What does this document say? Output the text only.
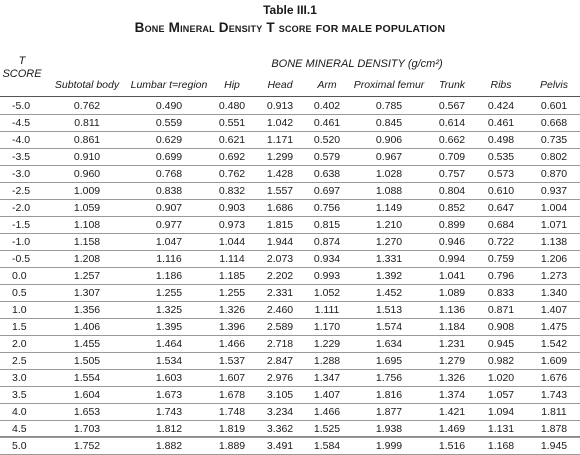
Table III.1
Bone Mineral Density T score FOR MALE POPULATION
T
SCORE
BONE MINERAL DENSITY (g/cm²)
Subtotal body	Lumbar t=region	Hip	Head	Arm	Proximal femur	Trunk	Ribs	Pelvis
-5.0	0.762	0.490	0.480	0.913	0.402	0.785	0.567	0.424	0.601
-4.5	0.811	0.559	0.551	1.042	0.461	0.845	0.614	0.461	0.668
-4.0	0.861	0.629	0.621	1.171	0.520	0.906	0.662	0.498	0.735
-3.5	0.910	0.699	0.692	1.299	0.579	0.967	0.709	0.535	0.802
-3.0	0.960	0.768	0.762	1.428	0.638	1.028	0.757	0.573	0.870
-2.5	1.009	0.838	0.832	1.557	0.697	1.088	0.804	0.610	0.937
-2.0	1.059	0.907	0.903	1.686	0.756	1.149	0.852	0.647	1.004
-1.5	1.108	0.977	0.973	1.815	0.815	1.210	0.899	0.684	1.071
-1.0	1.158	1.047	1.044	1.944	0.874	1.270	0.946	0.722	1.138
-0.5	1.208	1.116	1.114	2.073	0.934	1.331	0.994	0.759	1.206
0.0	1.257	1.186	1.185	2.202	0.993	1.392	1.041	0.796	1.273
0.5	1.307	1.255	1.255	2.331	1.052	1.452	1.089	0.833	1.340
1.0	1.356	1.325	1.326	2.460	1.111	1.513	1.136	0.871	1.407
1.5	1.406	1.395	1.396	2.589	1.170	1.574	1.184	0.908	1.475
2.0	1.455	1.464	1.466	2.718	1.229	1.634	1.231	0.945	1.542
2.5	1.505	1.534	1.537	2.847	1.288	1.695	1.279	0.982	1.609
3.0	1.554	1.603	1.607	2.976	1.347	1.756	1.326	1.020	1.676
3.5	1.604	1.673	1.678	3.105	1.407	1.816	1.374	1.057	1.743
4.0	1.653	1.743	1.748	3.234	1.466	1.877	1.421	1.094	1.811
4.5	1.703	1.812	1.819	3.362	1.525	1.938	1.469	1.131	1.878
5.0	1.752	1.882	1.889	3.491	1.584	1.999	1.516	1.168	1.945
